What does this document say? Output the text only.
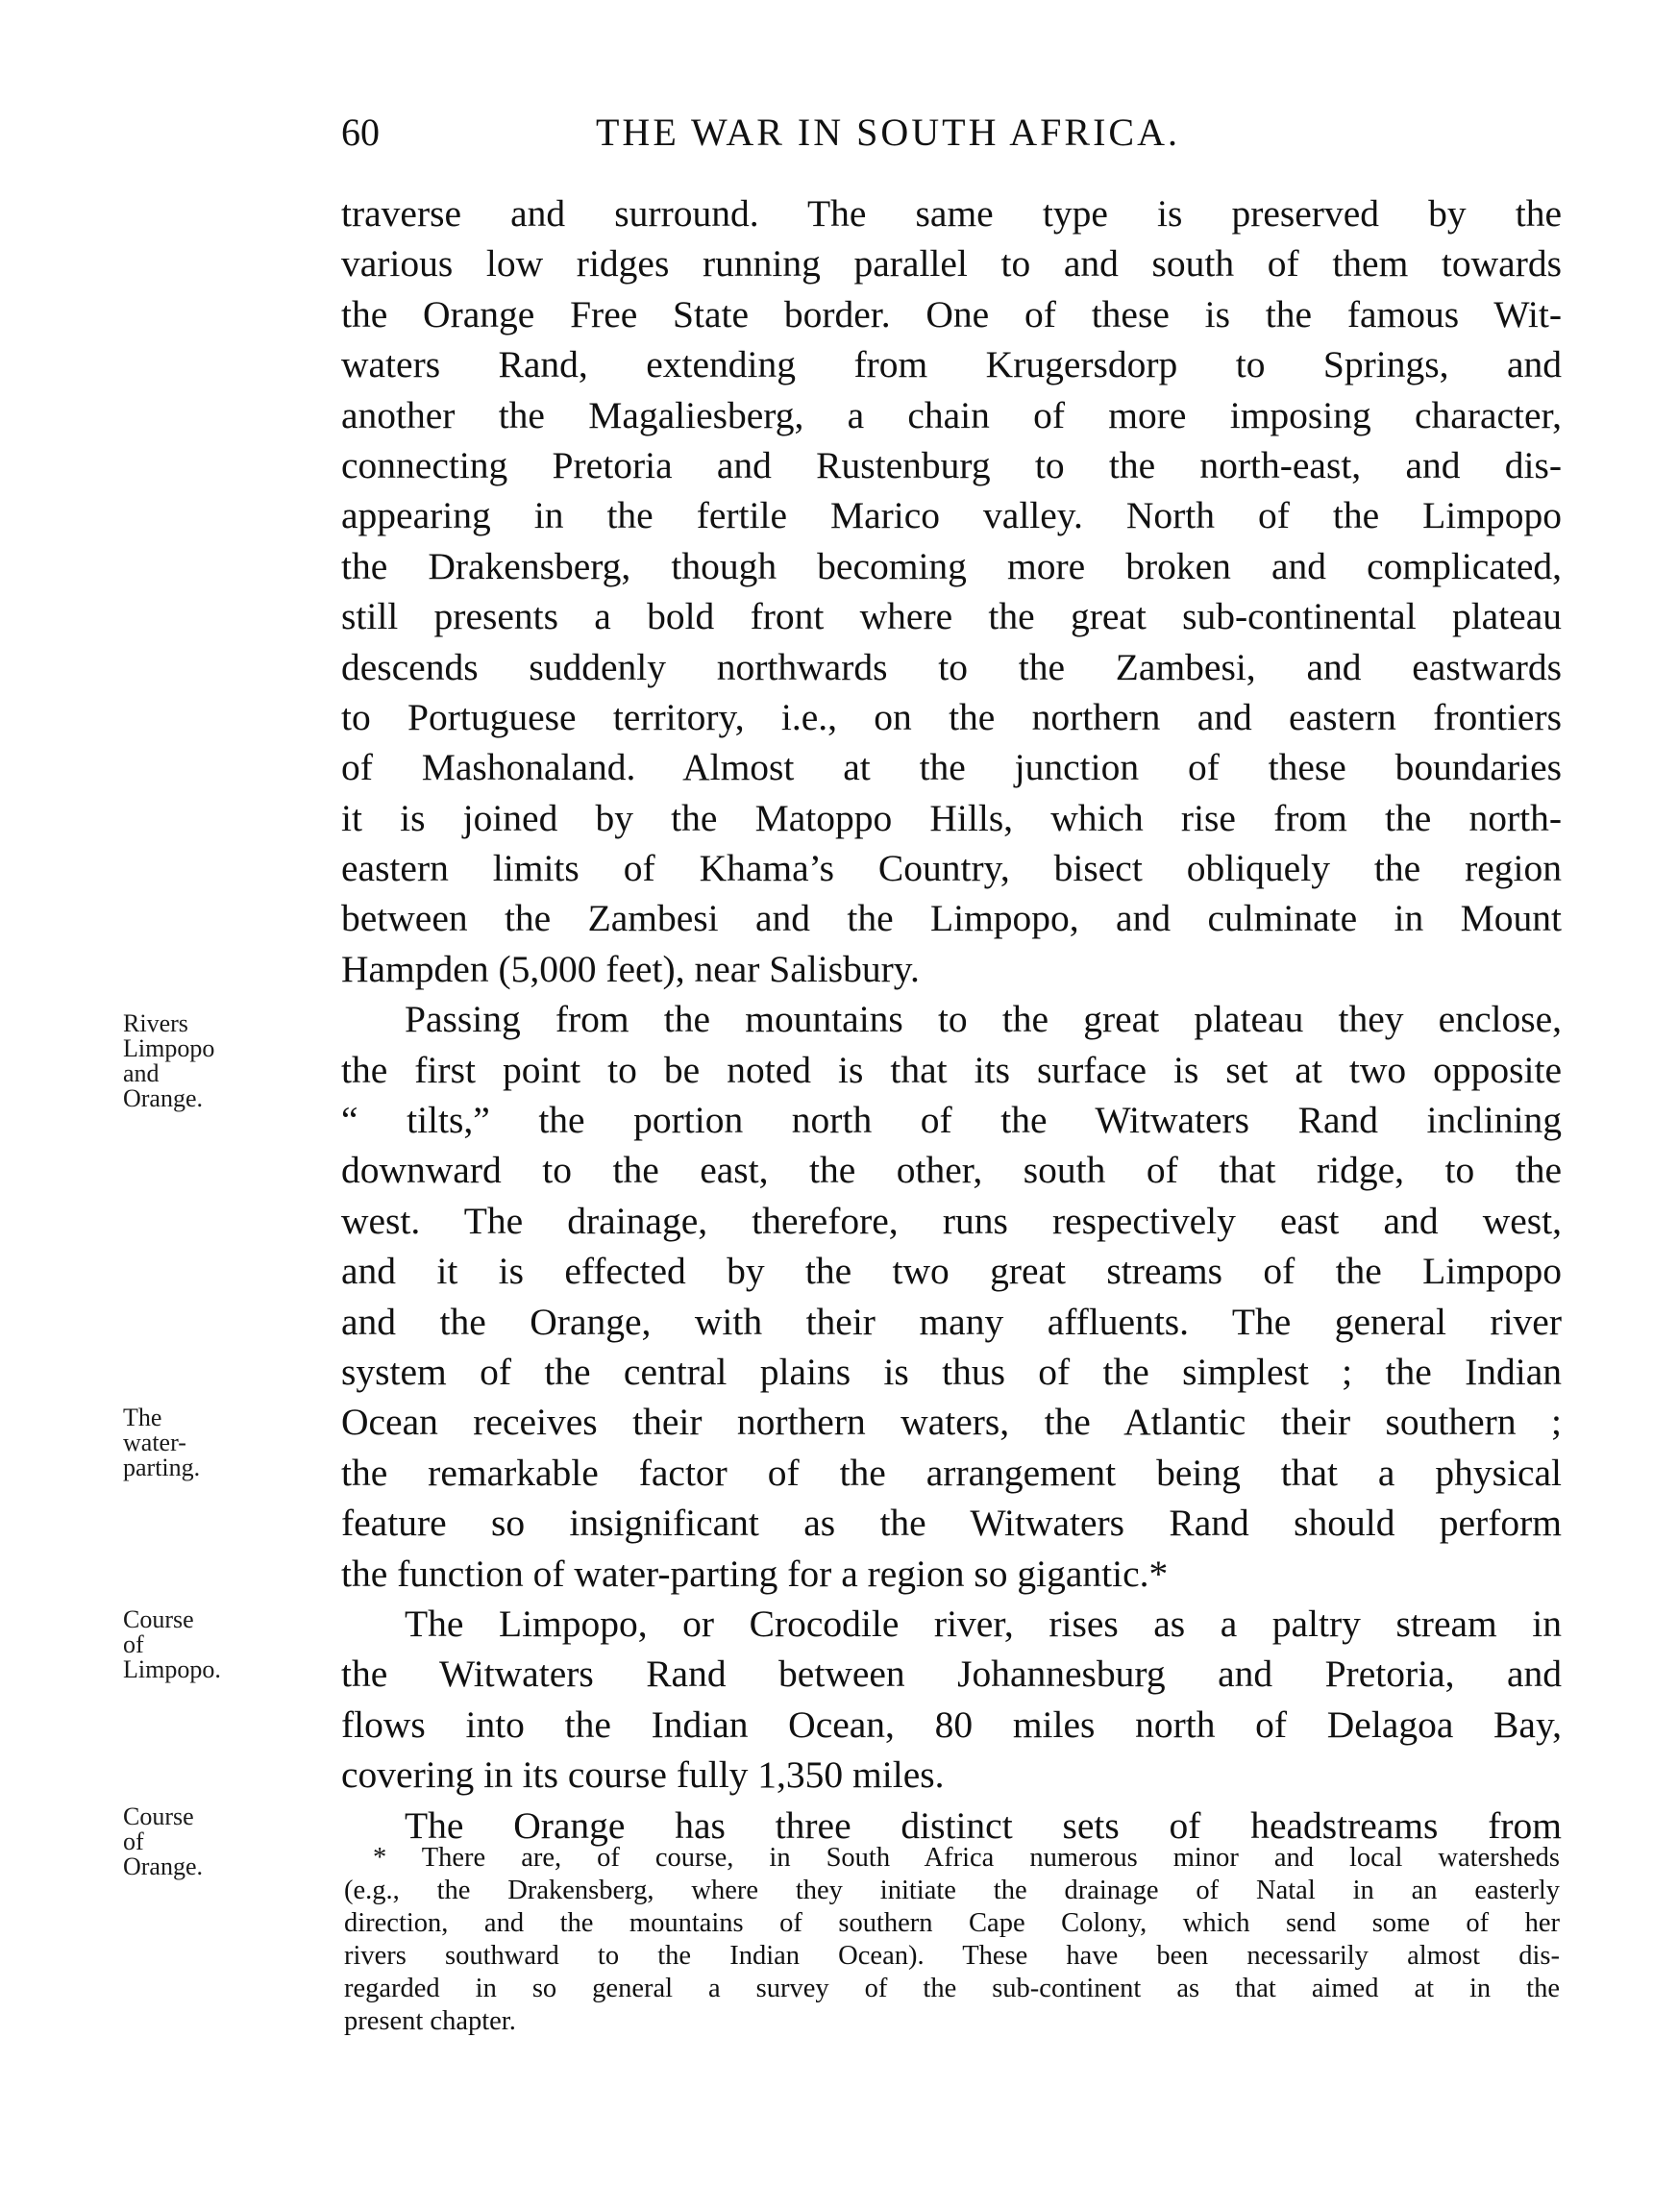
60	THE WAR IN SOUTH AFRICA.
traverse and surround. The same type is preserved by the
various low ridges running parallel to and south of them towards
the Orange Free State border. One of these is the famous Wit-
waters Rand, extending from Krugersdorp to Springs, and
another the Magaliesberg, a chain of more imposing character,
connecting Pretoria and Rustenburg to the north-east, and dis-
appearing in the fertile Marico valley. North of the Limpopo
the Drakensberg, though becoming more broken and complicated,
still presents a bold front where the great sub-continental plateau
descends suddenly northwards to the Zambesi, and eastwards
to Portuguese territory, i.e., on the northern and eastern frontiers
of Mashonaland. Almost at the junction of these boundaries
it is joined by the Matoppo Hills, which rise from the north-
eastern limits of Khama’s Country, bisect obliquely the region
between the Zambesi and the Limpopo, and culminate in Mount
Hampden (5,000 feet), near Salisbury.
Passing from the mountains to the great plateau they enclose,
the first point to be noted is that its surface is set at two opposite
“ tilts,” the portion north of the Witwaters Rand inclining
downward to the east, the other, south of that ridge, to the
west. The drainage, therefore, runs respectively east and west,
and it is effected by the two great streams of the Limpopo
and the Orange, with their many affluents. The general river
system of the central plains is thus of the simplest ; the Indian
Ocean receives their northern waters, the Atlantic their southern ;
the remarkable factor of the arrangement being that a physical
feature so insignificant as the Witwaters Rand should perform
the function of water-parting for a region so gigantic.*
The Limpopo, or Crocodile river, rises as a paltry stream in
the Witwaters Rand between Johannesburg and Pretoria, and
flows into the Indian Ocean, 80 miles north of Delagoa Bay,
covering in its course fully 1,350 miles.
The Orange has three distinct sets of headstreams from
Rivers
Limpopo
and
Orange.
The
water-
parting.
Course
of
Limpopo.
Course
of
Orange.	* There are, of course, in South Africa numerous minor and local watersheds
(e.g., the Drakensberg, where they initiate the drainage of Natal in an easterly
direction, and the mountains of southern Cape Colony, which send some of her
rivers southward to the Indian Ocean). These have been necessarily almost dis-
regarded in so general a survey of the sub-continent as that aimed at in the
present chapter.
